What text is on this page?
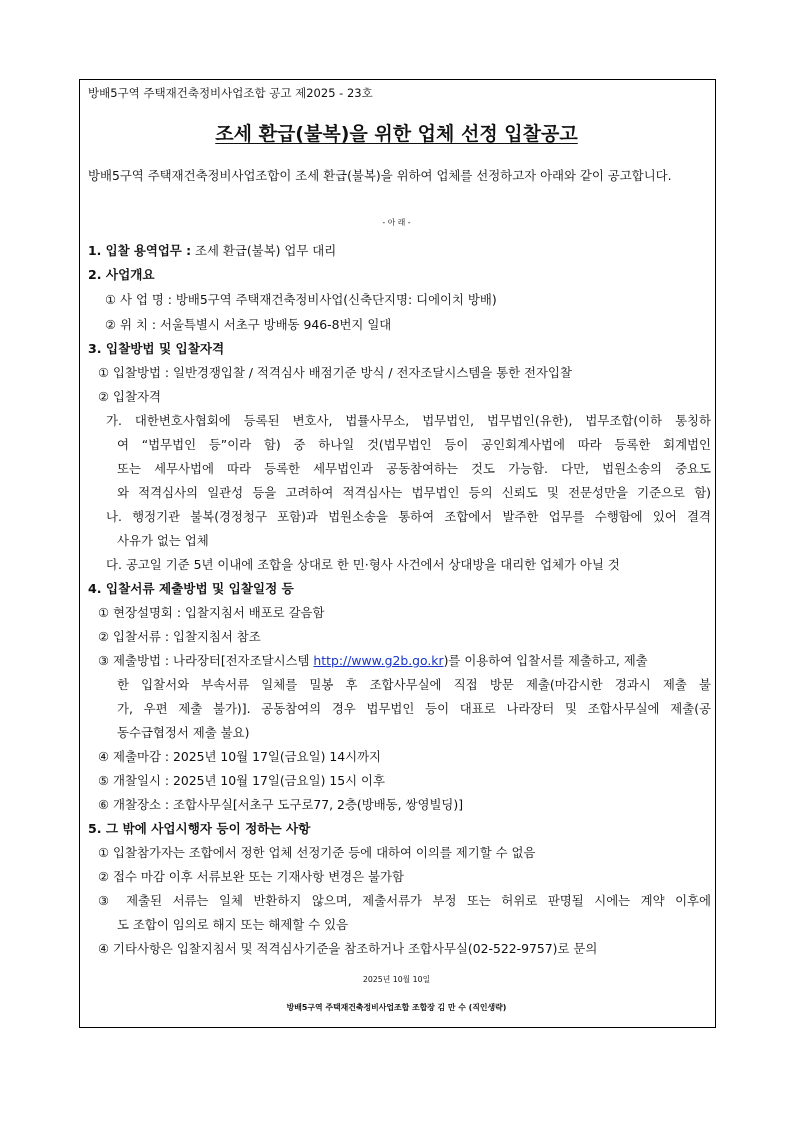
방배5구역 주택재건축정비사업조합 공고 제2025 - 23호
조세 환급(불복)을 위한 업체 선정 입찰공고
방배5구역 주택재건축정비사업조합이 조세 환급(불복)을 위하여 업체를 선정하고자 아래와 같이 공고합니다.
- 아 래 -
1. 입찰 용역업무 : 조세 환급(불복) 업무 대리
2. 사업개요
① 사 업 명 : 방배5구역 주택재건축정비사업(신축단지명: 디에이치 방배)
② 위 치 : 서울특별시 서초구 방배동 946-8번지 일대
3. 입찰방법 및 입찰자격
① 입찰방법 : 일반경쟁입찰 / 적격심사 배점기준 방식 / 전자조달시스템을 통한 전자입찰
② 입찰자격
가. 대한변호사협회에 등록된 변호사, 법률사무소, 법무법인, 법무법인(유한), 법무조합(이하 통칭하
여 “법무법인 등”이라 함) 중 하나일 것(법무법인 등이 공인회계사법에 따라 등록한 회계법인
또는 세무사법에 따라 등록한 세무법인과 공동참여하는 것도 가능함. 다만, 법원소송의 중요도
와 적격심사의 일관성 등을 고려하여 적격심사는 법무법인 등의 신뢰도 및 전문성만을 기준으로 함)
나. 행정기관 불복(경정청구 포함)과 법원소송을 통하여 조합에서 발주한 업무를 수행함에 있어 결격
사유가 없는 업체
다. 공고일 기준 5년 이내에 조합을 상대로 한 민·형사 사건에서 상대방을 대리한 업체가 아닐 것
4. 입찰서류 제출방법 및 입찰일정 등
① 현장설명회 : 입찰지침서 배포로 갈음함
② 입찰서류 : 입찰지침서 참조
③ 제출방법 : 나라장터[전자조달시스템 http://www.g2b.go.kr)를 이용하여 입찰서를 제출하고, 제출
한 입찰서와 부속서류 일체를 밀봉 후 조합사무실에 직접 방문 제출(마감시한 경과시 제출 불
가, 우편 제출 불가)]. 공동참여의 경우 법무법인 등이 대표로 나라장터 및 조합사무실에 제출(공
동수급협정서 제출 불요)
④ 제출마감 : 2025년 10월 17일(금요일) 14시까지
⑤ 개찰일시 : 2025년 10월 17일(금요일) 15시 이후
⑥ 개찰장소 : 조합사무실[서초구 도구로77, 2층(방배동, 쌍영빌딩)]
5. 그 밖에 사업시행자 등이 정하는 사항
① 입찰참가자는 조합에서 정한 업체 선정기준 등에 대하여 이의를 제기할 수 없음
② 접수 마감 이후 서류보완 또는 기재사항 변경은 불가함
③ 제출된 서류는 일체 반환하지 않으며, 제출서류가 부정 또는 허위로 판명될 시에는 계약 이후에
도 조합이 임의로 해지 또는 해제할 수 있음
④ 기타사항은 입찰지침서 및 적격심사기준을 참조하거나 조합사무실(02-522-9757)로 문의
2025년 10월 10일
방배5구역 주택재건축정비사업조합 조합장 김 만 수 (직인생략)
